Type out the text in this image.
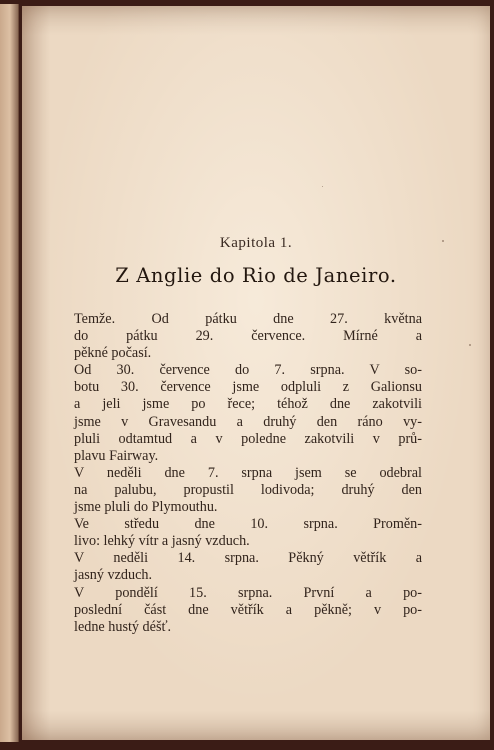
Kapitola 1.
Z Anglie do Rio de Janeiro.

Temže. Od pátku dne 27. května
do pátku 29. července. Mírné a
pěkné počasí.

Od 30. července do 7. srpna. V so-
botu 30. července jsme odpluli z Galionsu
a jeli jsme po řece; téhož dne zakotvili
jsme v Gravesandu a druhý den ráno vy-
pluli odtamtud a v poledne zakotvili v prů-
plavu Fairway.

V neděli dne 7. srpna jsem se odebral
na palubu, propustil lodivoda; druhý den
jsme pluli do Plymouthu.

Ve středu dne 10. srpna. Proměn-
livo: lehký vítr a jasný vzduch.

V neděli 14. srpna. Pěkný větřík a
jasný vzduch.

V pondělí 15. srpna. První a po-
poslední část dne větřík a pěkně; v po-
ledne hustý déšť.
